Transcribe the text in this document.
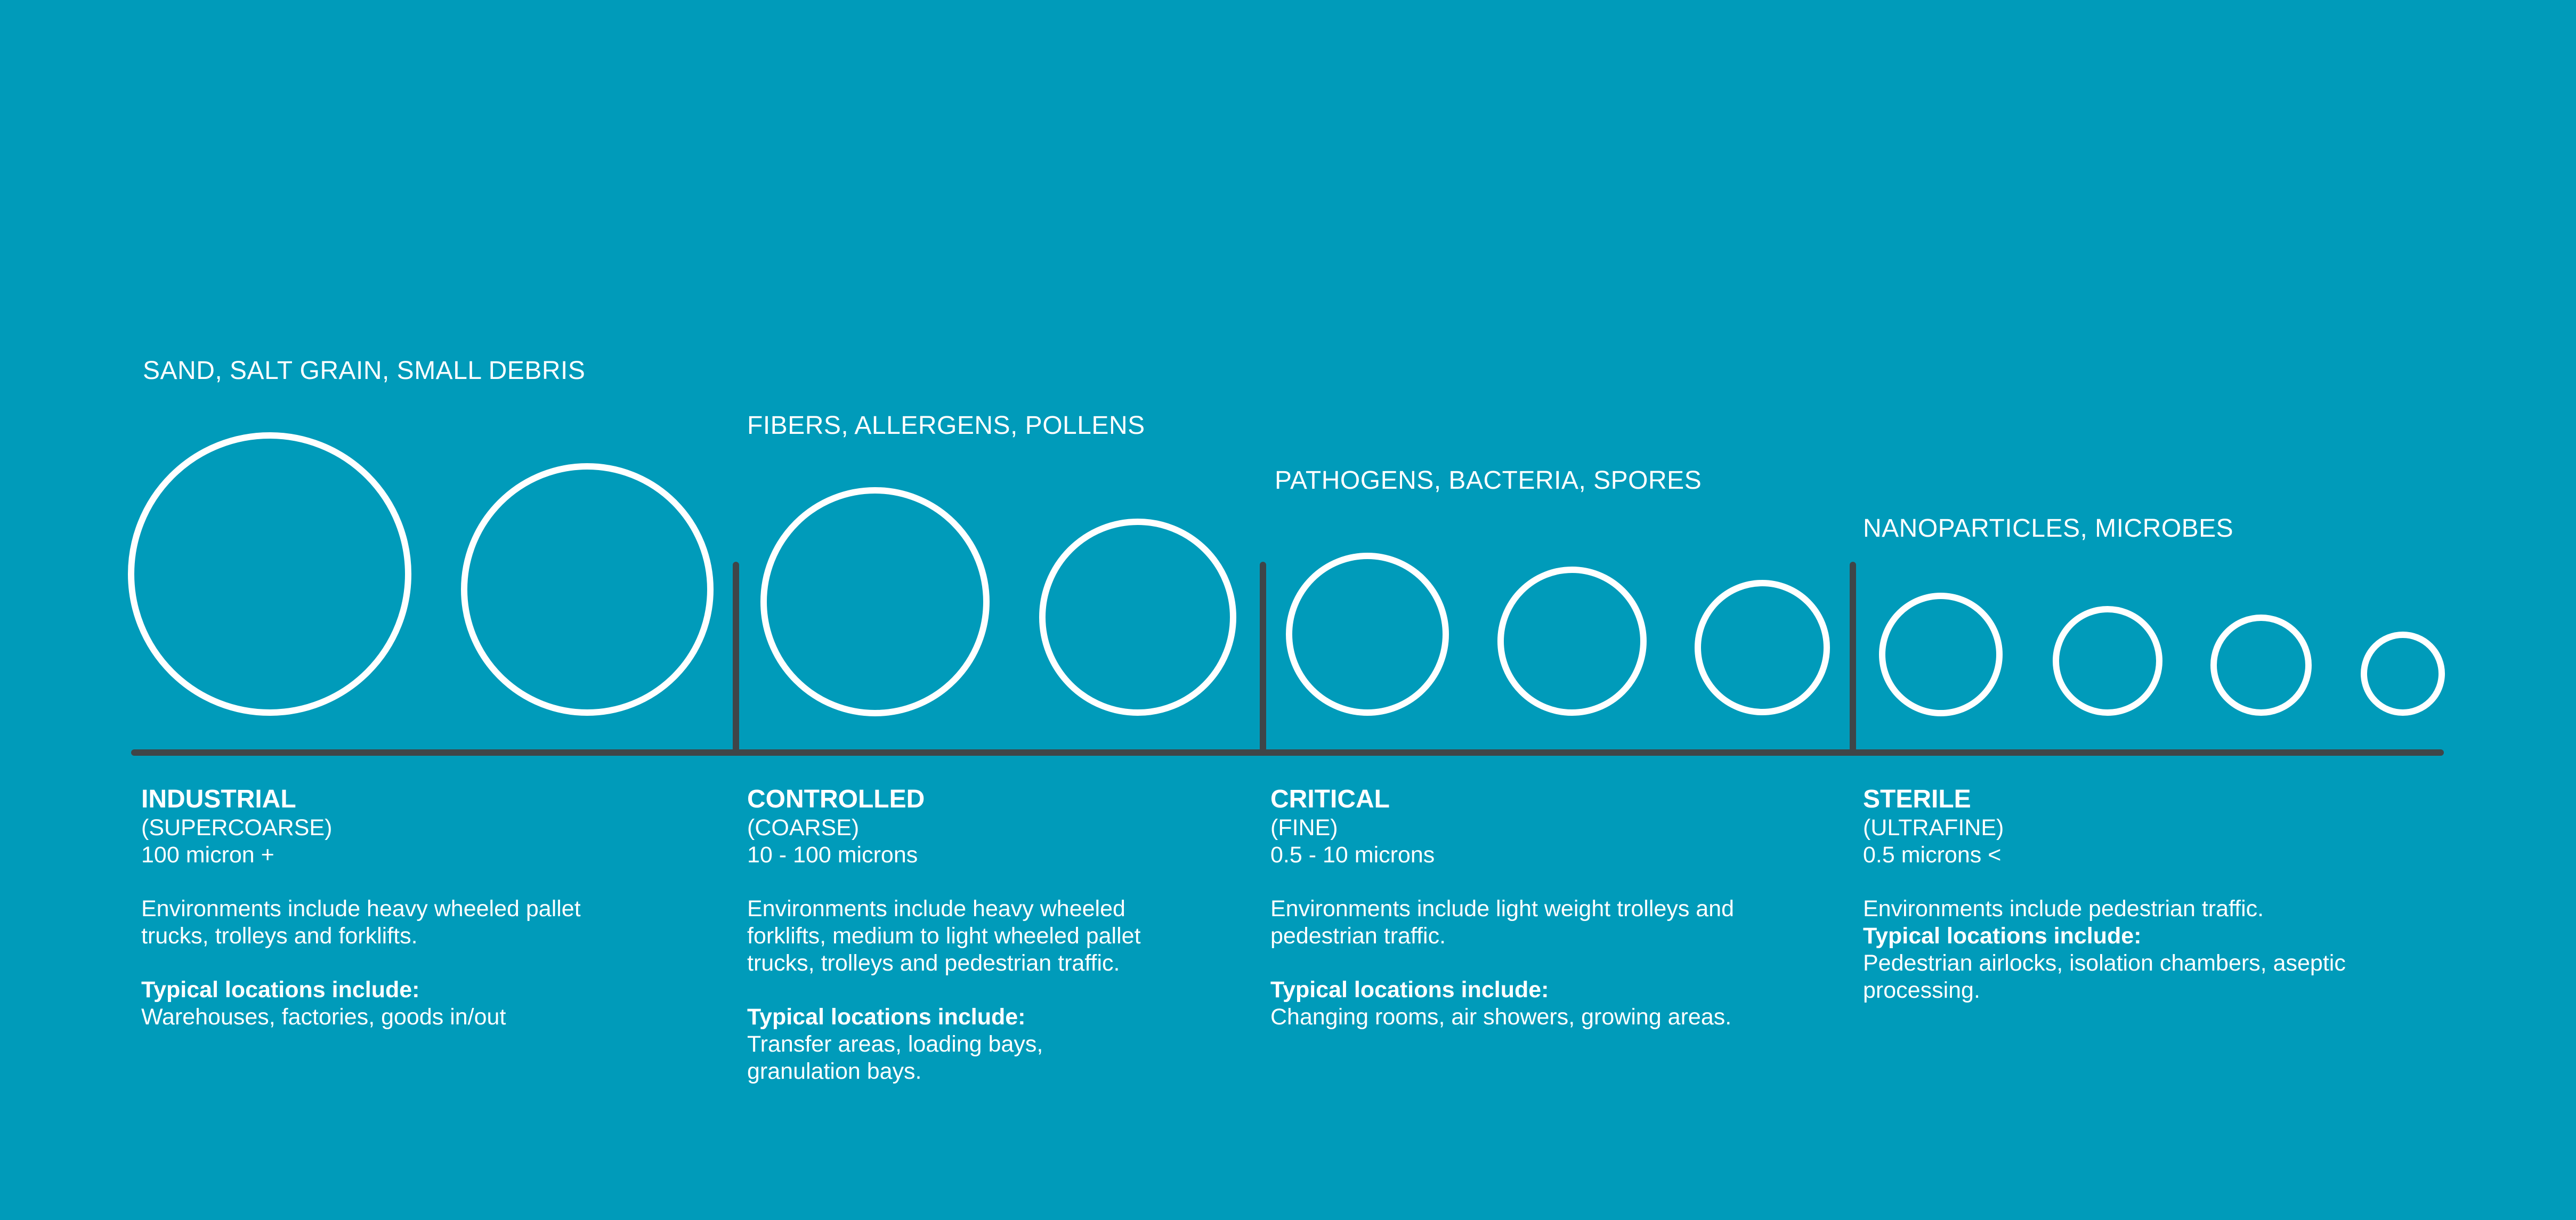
SAND, SALT GRAIN, SMALL DEBRIS
FIBERS, ALLERGENS, POLLENS
PATHOGENS, BACTERIA, SPORES
NANOPARTICLES, MICROBES
INDUSTRIAL
(SUPERCOARSE)
100 micron +
Environments include heavy wheeled pallet trucks, trolleys and forklifts.
Typical locations include:
Warehouses, factories, goods in/out
CONTROLLED
(COARSE)
10 - 100 microns
Environments include heavy wheeled forklifts, medium to light wheeled pallet trucks, trolleys and pedestrian traffic.
Typical locations include:
Transfer areas, loading bays, granulation bays.
CRITICAL
(FINE)
0.5 - 10 microns
Environments include light weight trolleys and pedestrian traffic.
Typical locations include:
Changing rooms, air showers, growing areas.
STERILE
(ULTRAFINE)
0.5 microns <
Environments include pedestrian traffic.
Typical locations include:
Pedestrian airlocks, isolation chambers, aseptic processing.
